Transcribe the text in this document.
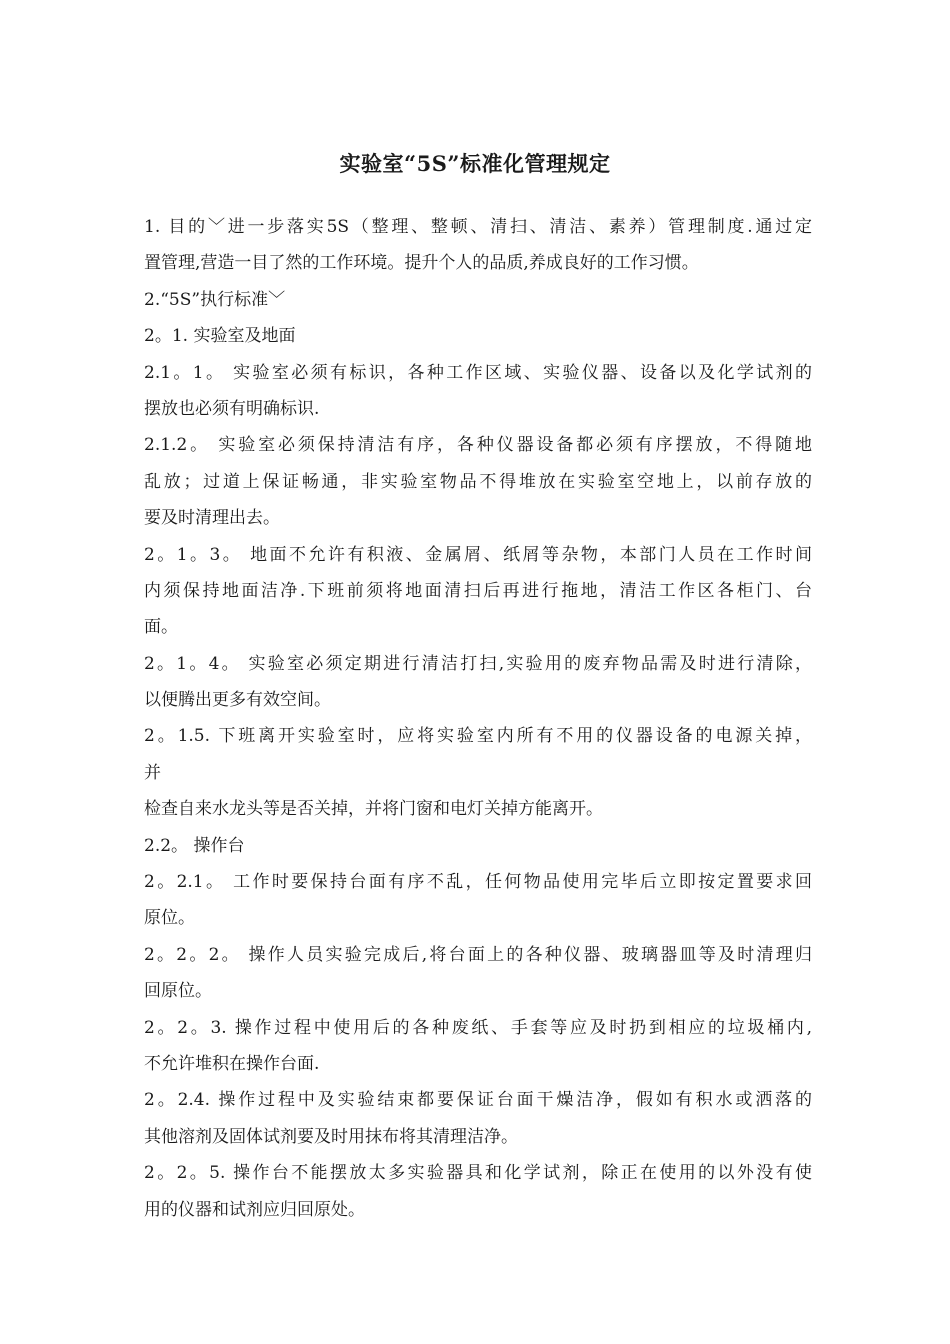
实验室“5S”标准化管理规定
1. 目的﹀进一步落实5S（整理、整顿、清扫、清洁、素养）管理制度.通过定
置管理,营造一目了然的工作环境。提升个人的品质,养成良好的工作习惯。
2.“5S”执行标准﹀
2。1. 实验室及地面
2.1。1。 实验室必须有标识，各种工作区域、实验仪器、设备以及化学试剂的
摆放也必须有明确标识.
2.1.2。 实验室必须保持清洁有序，各种仪器设备都必须有序摆放，不得随地
乱放；过道上保证畅通，非实验室物品不得堆放在实验室空地上，以前存放的
要及时清理出去。
2。1。3。 地面不允许有积液、金属屑、纸屑等杂物，本部门人员在工作时间
内须保持地面洁净.下班前须将地面清扫后再进行拖地，清洁工作区各柜门、台
面。
2。1。4。 实验室必须定期进行清洁打扫,实验用的废弃物品需及时进行清除，
以便腾出更多有效空间。
2。1.5. 下班离开实验室时，应将实验室内所有不用的仪器设备的电源关掉，
并
检查自来水龙头等是否关掉，并将门窗和电灯关掉方能离开。
2.2。 操作台
2。2.1。 工作时要保持台面有序不乱，任何物品使用完毕后立即按定置要求回
原位。
2。2。2。 操作人员实验完成后,将台面上的各种仪器、玻璃器皿等及时清理归
回原位。
2。2。3. 操作过程中使用后的各种废纸、手套等应及时扔到相应的垃圾桶内,
不允许堆积在操作台面.
2。2.4. 操作过程中及实验结束都要保证台面干燥洁净，假如有积水或洒落的
其他溶剂及固体试剂要及时用抹布将其清理洁净。
2。2。5. 操作台不能摆放太多实验器具和化学试剂，除正在使用的以外没有使
用的仪器和试剂应归回原处。
